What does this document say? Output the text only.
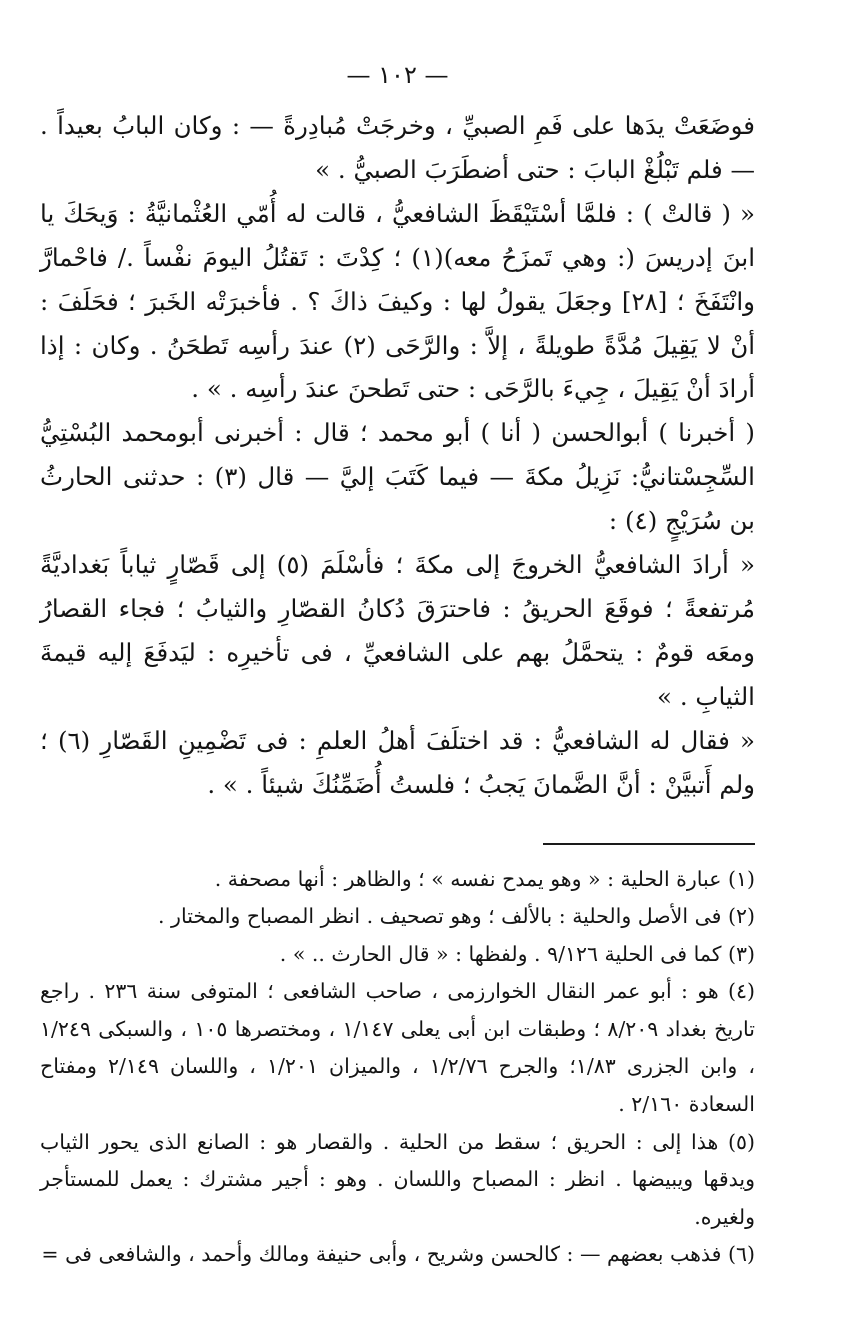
— ١٠٢ —

فوضَعَتْ يدَها على فَمِ الصبيِّ ، وخرجَتْ مُبادِرةً — : وكان البابُ بعيداً .— فلم تَبْلُغْ البابَ : حتى أضطَرَبَ الصبيُّ . »

« ( قالتْ ) : فلمَّا أسْتَيْقَظَ الشافعيُّ ، قالت له أُمّي العُثْمانيَّةُ : وَيحَكَ يا ابنَ إدريسَ (: وهي تَمزَحُ معه)(١) ؛ كِدْتَ : تَقتُلُ اليومَ نفْساً ./ فاحْمارَّ وانْتَفَخَ ؛ [٢٨] وجعَلَ يقولُ لها : وكيفَ ذاكَ ؟ . فأخبرَتْه الخَبرَ ؛ فحَلَفَ : أنْ لا يَقِيلَ مُدَّةً طويلةً ، إلاَّ : والرَّحَى (٢) عندَ رأسِه تَطحَنُ . وكان : إذا أرادَ أنْ يَقِيلَ ، جِيءَ بالرَّحَى : حتى تَطحنَ عندَ رأسِه . » .

( أخبرنا ) أبوالحسن ( أنا ) أبو محمد ؛ قال : أخبرنى أبومحمد البُسْتِيُّ السِّجِسْتانيُّ: نَزِيلُ مكةَ — فيما كَتَبَ إليَّ — قال (٣) : حدثنى الحارثُ بن سُرَيْجٍ (٤) :

« أرادَ الشافعيُّ الخروجَ إلى مكةَ ؛ فأسْلَمَ (٥) إلى قَصّارٍ ثياباً بَغداديَّةً مُرتفعةً ؛ فوقَعَ الحريقُ : فاحترَقَ دُكانُ القصّارِ والثيابُ ؛ فجاء القصارُ ومعَه قومٌ : يتحمَّلُ بهم على الشافعيِّ ، فى تأخيرِه : ليَدفَعَ إليه قيمةَ الثيابِ . »

« فقال له الشافعيُّ : قد اختلَفَ أهلُ العلمِ : فى تَضْمِينِ القَصّارِ (٦) ؛ ولم أَتبيَّنْ : أنَّ الضَّمانَ يَجبُ ؛ فلستُ أُضَمِّنُكَ شيئاً . » .

(١) عبارة الحلية : « وهو يمدح نفسه » ؛ والظاهر : أنها مصحفة .

(٢) فى الأصل والحلية : بالألف ؛ وهو تصحيف . انظر المصباح والمختار .

(٣) كما فى الحلية ٩/١٢٦ . ولفظها : « قال الحارث .. » .

(٤) هو : أبو عمر النقال الخوارزمى ، صاحب الشافعى ؛ المتوفى سنة ٢٣٦ . راجع تاريخ بغداد ٨/٢٠٩ ؛ وطبقات ابن أبى يعلى ١/١٤٧ ، ومختصرها ١٠٥ ، والسبكى ١/٢٤٩ ، وابن الجزرى ١/٨٣؛ والجرح ١/٢/٧٦ ، والميزان ١/٢٠١ ، واللسان ٢/١٤٩ ومفتاح السعادة ٢/١٦٠ .

(٥) هذا إلى : الحريق ؛ سقط من الحلية . والقصار هو : الصانع الذى يحور الثياب ويدقها ويبيضها . انظر : المصباح واللسان . وهو : أجير مشترك : يعمل للمستأجر ولغيره.

(٦) فذهب بعضهم — : كالحسن وشريح ، وأبى حنيفة ومالك وأحمد ، والشافعى فى =
